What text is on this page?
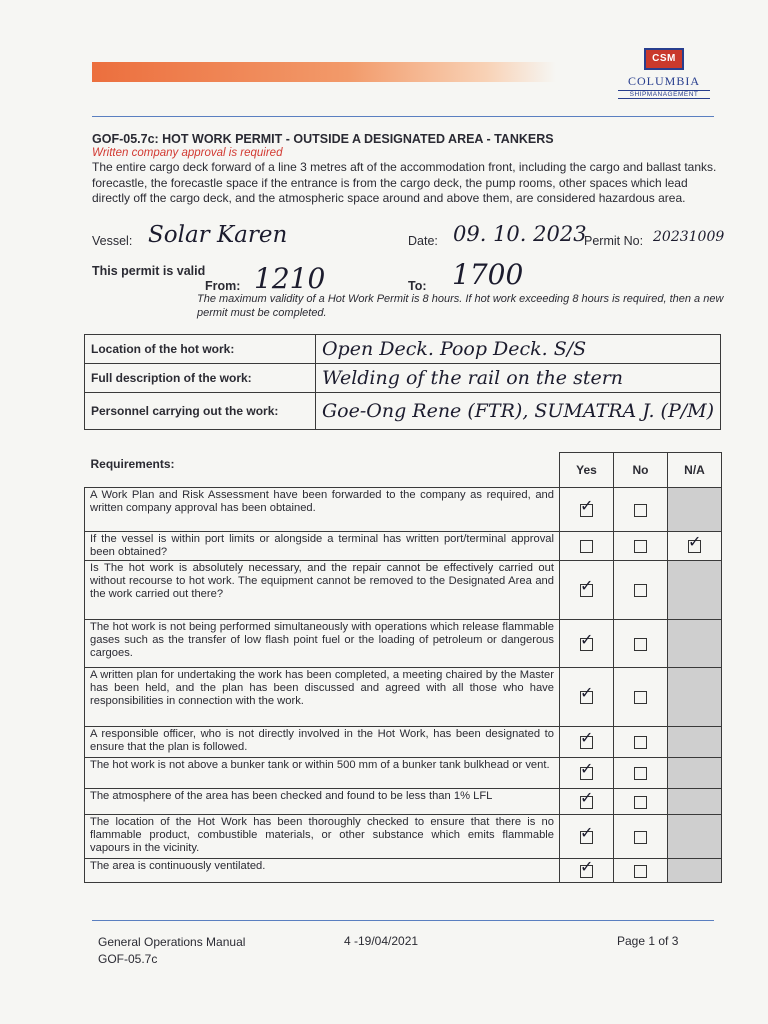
CSM
COLUMBIA
SHIPMANAGEMENT
GOF-05.7c: HOT WORK PERMIT - OUTSIDE A DESIGNATED AREA - TANKERS
Written company approval is required
The entire cargo deck forward of a line 3 metres aft of the accommodation front, including the cargo and ballast tanks. forecastle, the forecastle space if the entrance is from the cargo deck, the pump rooms, other spaces which lead directly off the cargo deck, and the atmospheric space around and above them, are considered hazardous area.
Vessel: Solar Karen	Date: 09. 10. 2023
Permit No: 20231009
This permit is valid
From: 1210	To: 1700
The maximum validity of a Hot Work Permit is 8 hours. If hot work exceeding 8 hours is required, then a new permit must be completed.
Location of the hot work:	Open Deck. Poop Deck. S/S
Full description of the work:	Welding of the rail on the stern
Personnel carrying out the work:	Goe-Ong Rene (FTR), SUMATRA J. (P/M)
Requirements:	Yes	No	N/A
A Work Plan and Risk Assessment have been forwarded to the company as required, and written company approval has been obtained.	✓		

If the vessel is within port limits or alongside a terminal has written port/terminal approval been obtained?			✓

Is The hot work is absolutely necessary, and the repair cannot be effectively carried out without recourse to hot work. The equipment cannot be removed to the Designated Area and the work carried out there?	✓		

The hot work is not being performed simultaneously with operations which release flammable gases such as the transfer of low flash point fuel or the loading of petroleum or dangerous cargoes.	✓		

A written plan for undertaking the work has been completed, a meeting chaired by the Master has been held, and the plan has been discussed and agreed with all those who have responsibilities in connection with the work.	✓		

A responsible officer, who is not directly involved in the Hot Work, has been designated to ensure that the plan is followed.	✓		

The hot work is not above a bunker tank or within 500 mm of a bunker tank bulkhead or vent.	✓		

The atmosphere of the area has been checked and found to be less than 1% LFL	✓		

The location of the Hot Work has been thoroughly checked to ensure that there is no flammable product, combustible materials, or other substance which emits flammable vapours in the vicinity.	✓		

The area is continuously ventilated.	✓		

General Operations Manual
GOF-05.7c
4 -19/04/2021	Page 1 of 3
